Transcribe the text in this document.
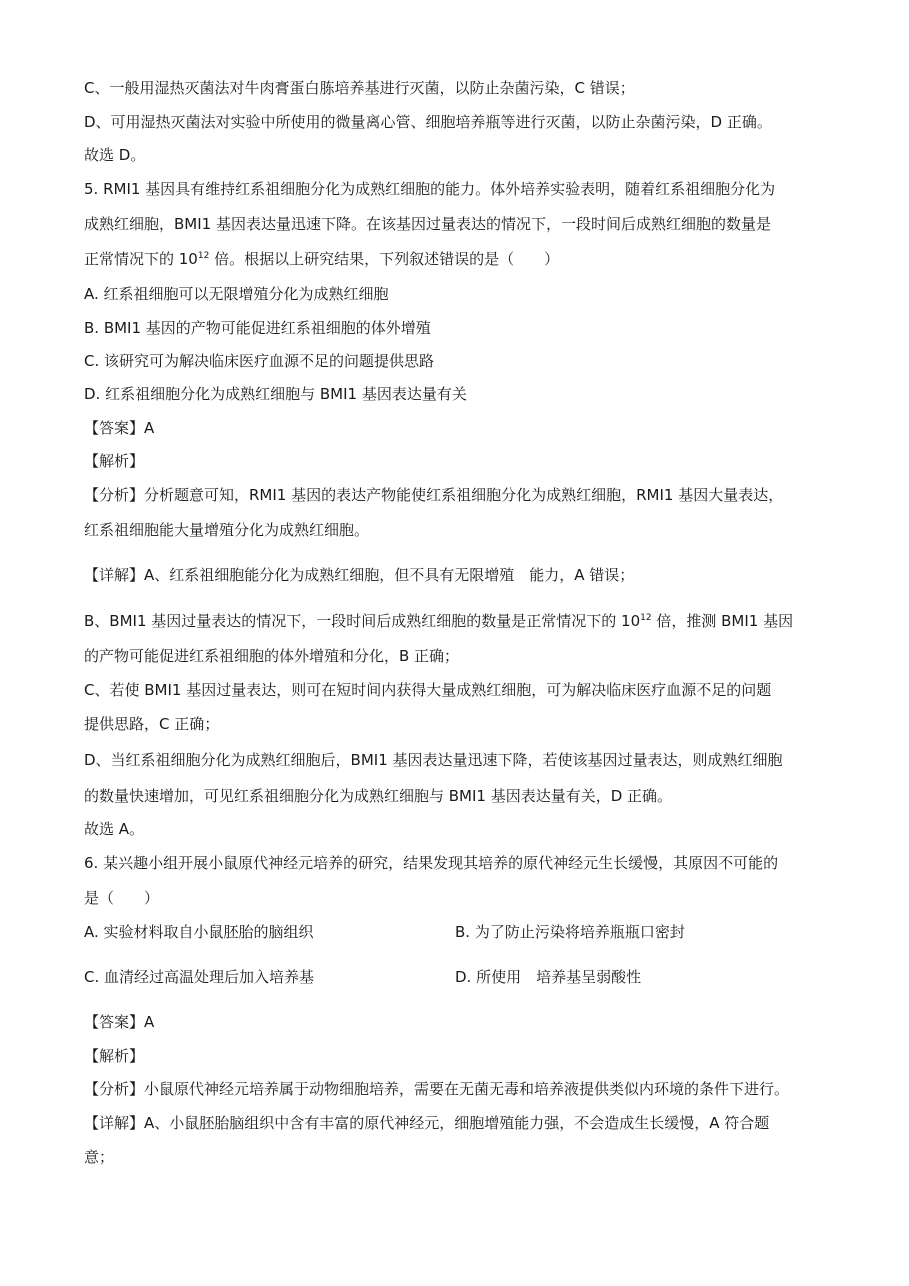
C、一般用湿热灭菌法对牛肉膏蛋白胨培养基进行灭菌，以防止杂菌污染，C 错误；

D、可用湿热灭菌法对实验中所使用的微量离心管、细胞培养瓶等进行灭菌，以防止杂菌污染，D 正确。

故选 D。

5. RMI1 基因具有维持红系祖细胞分化为成熟红细胞的能力。体外培养实验表明，随着红系祖细胞分化为

成熟红细胞，BMI1 基因表达量迅速下降。在该基因过量表达的情况下，一段时间后成熟红细胞的数量是

正常情况下的 $10^{12}$ 倍。根据以上研究结果，下列叙述错误的是（　　）

A. 红系祖细胞可以无限增殖分化为成熟红细胞

B. BMI1 基因的产物可能促进红系祖细胞的体外增殖

C. 该研究可为解决临床医疗血源不足的问题提供思路

D. 红系祖细胞分化为成熟红细胞与 BMI1 基因表达量有关

【答案】A

【解析】

【分析】分析题意可知，RMI1 基因的表达产物能使红系祖细胞分化为成熟红细胞，RMI1 基因大量表达，

红系祖细胞能大量增殖分化为成熟红细胞。

【详解】A、红系祖细胞能分化为成熟红细胞，但不具有无限增殖　能力，A 错误；

B、BMI1 基因过量表达的情况下，一段时间后成熟红细胞的数量是正常情况下的 $10^{12}$ 倍，推测 BMI1 基因

的产物可能促进红系祖细胞的体外增殖和分化，B 正确；

C、若使 BMI1 基因过量表达，则可在短时间内获得大量成熟红细胞，可为解决临床医疗血源不足的问题

提供思路，C 正确；

D、当红系祖细胞分化为成熟红细胞后，BMI1 基因表达量迅速下降，若使该基因过量表达，则成熟红细胞

的数量快速增加，可见红系祖细胞分化为成熟红细胞与 BMI1 基因表达量有关，D 正确。

故选 A。

6. 某兴趣小组开展小鼠原代神经元培养的研究，结果发现其培养的原代神经元生长缓慢，其原因不可能的

是（　　）

A. 实验材料取自小鼠胚胎的脑组织	B. 为了防止污染将培养瓶瓶口密封

C. 血清经过高温处理后加入培养基	D. 所使用　培养基呈弱酸性

【答案】A

【解析】

【分析】小鼠原代神经元培养属于动物细胞培养，需要在无菌无毒和培养液提供类似内环境的条件下进行。

【详解】A、小鼠胚胎脑组织中含有丰富的原代神经元，细胞增殖能力强，不会造成生长缓慢，A 符合题

意；
